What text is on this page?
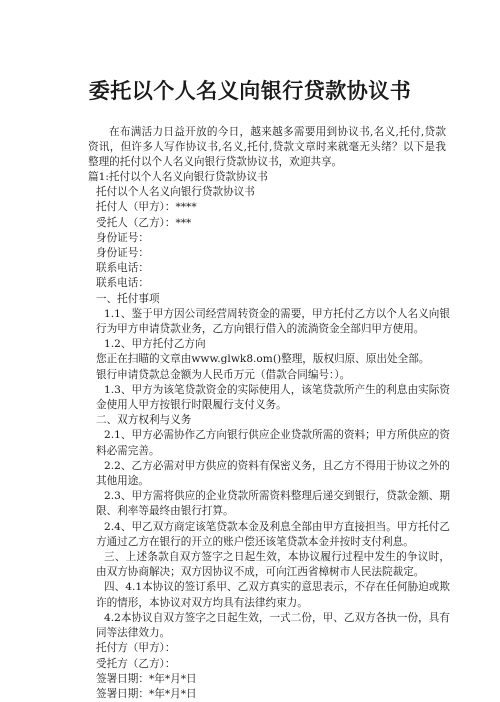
委托以个人名义向银行贷款协议书

在布满活力日益开放的今日，越来越多需要用到协议书,名义,托付,贷款资讯，但许多人写作协议书,名义,托付,贷款文章时来就毫无头绪？以下是我整理的托付以个人名义向银行贷款协议书，欢迎共享。

篇1:托付以个人名义向银行贷款协议书

托付以个人名义向银行贷款协议书

托付人（甲方）：****

受托人（乙方）：***

身份证号：

身份证号：

联系电话：

联系电话：

一、托付事项

1.1、鉴于甲方因公司经营周转资金的需要，甲方托付乙方以个人名义向银行为甲方申请贷款业务，乙方向银行借入的流淌资金全部归甲方使用。

1.2、甲方托付乙方向

您正在扫瞄的文章由www.glwk8.om()整理，版权归原、原出处全部。

银行申请贷款总金额为人民币万元（借款合同编号：）。

1.3、甲方为该笔贷款资金的实际使用人，该笔贷款所产生的利息由实际资金使用人甲方按银行时限履行支付义务。

二、双方权利与义务

2.1、甲方必需协作乙方向银行供应企业贷款所需的资料；甲方所供应的资料必需完善。

2.2、乙方必需对甲方供应的资料有保密义务，且乙方不得用于协议之外的其他用途。

2.3、甲方需将供应的企业贷款所需资料整理后递交到银行，贷款金额、期限、利率等最终由银行打算。

2.4、甲乙双方商定该笔贷款本金及利息全部由甲方直接担当。甲方托付乙方通过乙方在银行的开立的账户偿还该笔贷款本金并按时支付利息。

三、上述条款自双方签字之日起生效，本协议履行过程中发生的争议时，由双方协商解决；双方因协议不成，可向江西省樟树市人民法院裁定。

四、4.1本协议的签订系甲、乙双方真实的意思表示，不存在任何胁迫或欺诈的情形，本协议对双方均具有法律约束力。

4.2本协议自双方签字之日起生效，一式二份，甲、乙双方各执一份，具有同等法律效力。

托付方（甲方）：

受托方（乙方）：

签署日期：*年*月*日

签署日期：*年*月*日
